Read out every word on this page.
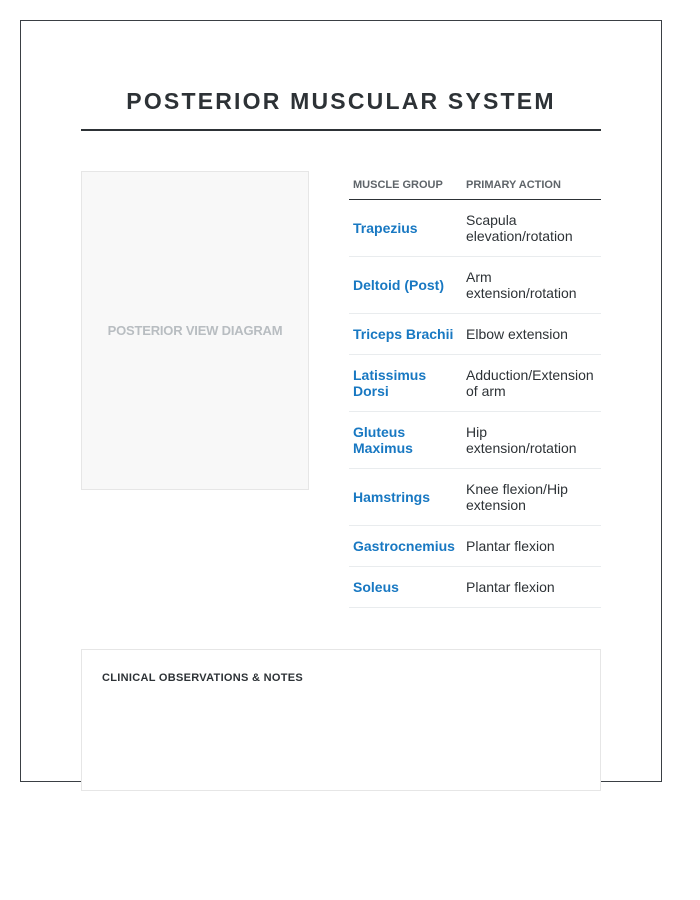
POSTERIOR MUSCULAR SYSTEM
POSTERIOR VIEW DIAGRAM
MUSCLE GROUP	PRIMARY ACTION
Trapezius	Scapula elevation/rotation
Deltoid (Post)	Arm extension/rotation
Triceps Brachii	Elbow extension
Latissimus Dorsi	Adduction/Extension of arm
Gluteus Maximus	Hip extension/rotation
Hamstrings	Knee flexion/Hip extension
Gastrocnemius	Plantar flexion
Soleus	Plantar flexion
CLINICAL OBSERVATIONS & NOTES
